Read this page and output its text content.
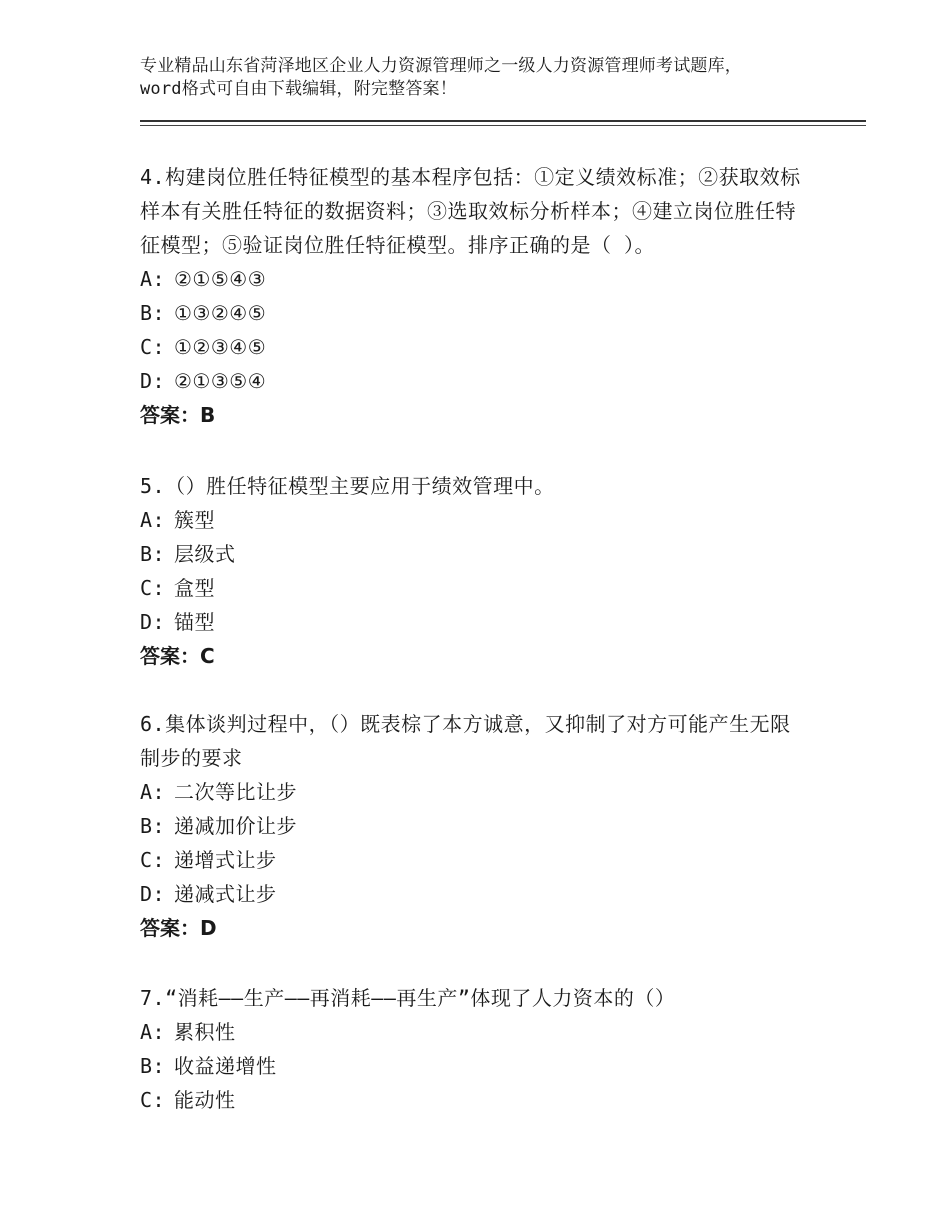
专业精品山东省菏泽地区企业人力资源管理师之一级人力资源管理师考试题库，word格式可自由下载编辑，附完整答案！

4.构建岗位胜任特征模型的基本程序包括：①定义绩效标准；②获取效标样本有关胜任特征的数据资料；③选取效标分析样本；④建立岗位胜任特征模型；⑤验证岗位胜任特征模型。排序正确的是（ ）。

A: ②①⑤④③

B: ①③②④⑤

C: ①②③④⑤

D: ②①③⑤④

答案：B

5.（）胜任特征模型主要应用于绩效管理中。

A: 簇型

B: 层级式

C: 盒型

D: 锚型

答案：C

6.集体谈判过程中，（）既表棕了本方诚意，又抑制了对方可能产生无限制步的要求

A: 二次等比让步

B: 递减加价让步

C: 递增式让步

D: 递减式让步

答案：D

7.“消耗——生产——再消耗——再生产”体现了人力资本的（）

A: 累积性

B: 收益递增性

C: 能动性
